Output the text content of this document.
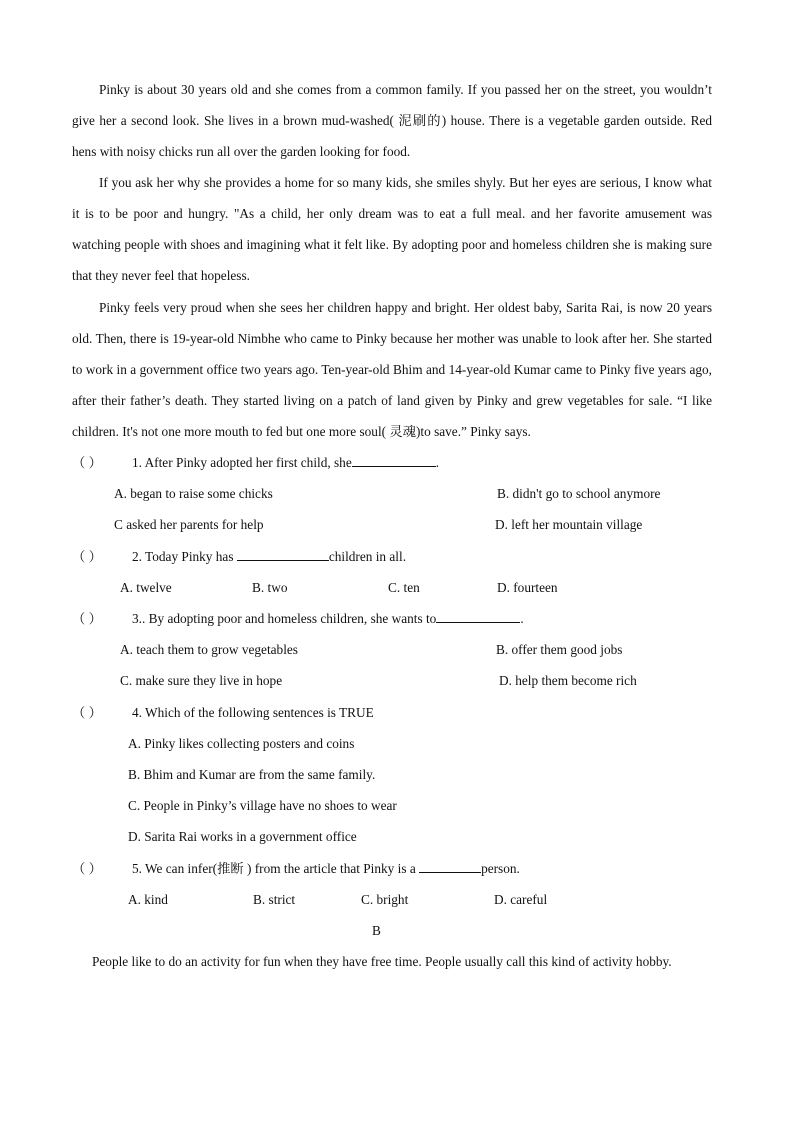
Pinky is about 30 years old and she comes from a common family. If you passed her on the street, you wouldn’t give her a second look. She lives in a brown mud-washed( 泥刷的) house. There is a vegetable garden outside. Red hens with noisy chicks run all over the garden looking for food.
If you ask her why she provides a home for so many kids, she smiles shyly. But her eyes are serious, I know what it is to be poor and hungry. "As a child, her only dream was to eat a full meal. and her favorite amusement was watching people with shoes and imagining what it felt like. By adopting poor and homeless children she is making sure that they never feel that hopeless.
Pinky feels very proud when she sees her children happy and bright. Her oldest baby, Sarita Rai, is now 20 years old. Then, there is 19-year-old Nimbhe who came to Pinky because her mother was unable to look after her. She started to work in a government office two years ago. Ten-year-old Bhim and 14-year-old Kumar came to Pinky five years ago, after their father’s death. They started living on a patch of land given by Pinky and grew vegetables for sale. “I like children. It's not one more mouth to fed but one more soul( 灵魂)to save.” Pinky says.
（ ） 1. After Pinky adopted her first child, she	.
A. began to raise some chicks	B. didn't go to school anymore
C asked her parents for help	D. left her mountain village
（ ） 2. Today Pinky has	children in all.
A. twelve	B. two	C. ten	D. fourteen
（ ） 3.. By adopting poor and homeless children, she wants to	.
A. teach them to grow vegetables	B. offer them good jobs
C. make sure they live in hope	D. help them become rich
（ ） 4. Which of the following sentences is TRUE
A. Pinky likes collecting posters and coins
B. Bhim and Kumar are from the same family.
C. People in Pinky’s village have no shoes to wear
D. Sarita Rai works in a government office
（ ） 5. We can infer(推断 ) from the article that Pinky is a	person.
A. kind	B. strict	C. bright	D. careful
B
People like to do an activity for fun when they have free time. People usually call this kind of activity hobby.
